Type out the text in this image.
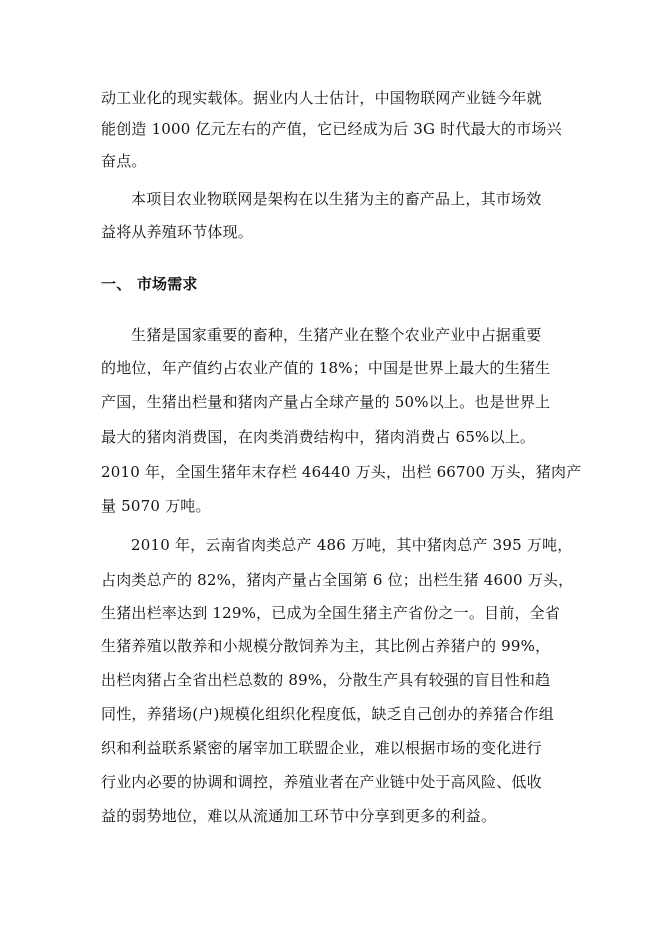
动工业化的现实载体。据业内人士估计，中国物联网产业链今年就
能创造 1000 亿元左右的产值，它已经成为后 3G 时代最大的市场兴
奋点。
本项目农业物联网是架构在以生猪为主的畜产品上，其市场效
益将从养殖环节体现。
一、 市场需求
生猪是国家重要的畜种，生猪产业在整个农业产业中占据重要
的地位，年产值约占农业产值的 18%；中国是世界上最大的生猪生
产国，生猪出栏量和猪肉产量占全球产量的 50%以上。也是世界上
最大的猪肉消费国，在肉类消费结构中，猪肉消费占 65%以上。
2010 年，全国生猪年末存栏 46440 万头，出栏 66700 万头，猪肉产
量 5070 万吨。
2010 年，云南省肉类总产 486 万吨，其中猪肉总产 395 万吨，
占肉类总产的 82%，猪肉产量占全国第 6 位；出栏生猪 4600 万头，
生猪出栏率达到 129%，已成为全国生猪主产省份之一。目前，全省
生猪养殖以散养和小规模分散饲养为主，其比例占养猪户的 99%，
出栏肉猪占全省出栏总数的 89%，分散生产具有较强的盲目性和趋
同性，养猪场(户)规模化组织化程度低，缺乏自己创办的养猪合作组
织和利益联系紧密的屠宰加工联盟企业，难以根据市场的变化进行
行业内必要的协调和调控，养殖业者在产业链中处于高风险、低收
益的弱势地位，难以从流通加工环节中分享到更多的利益。
